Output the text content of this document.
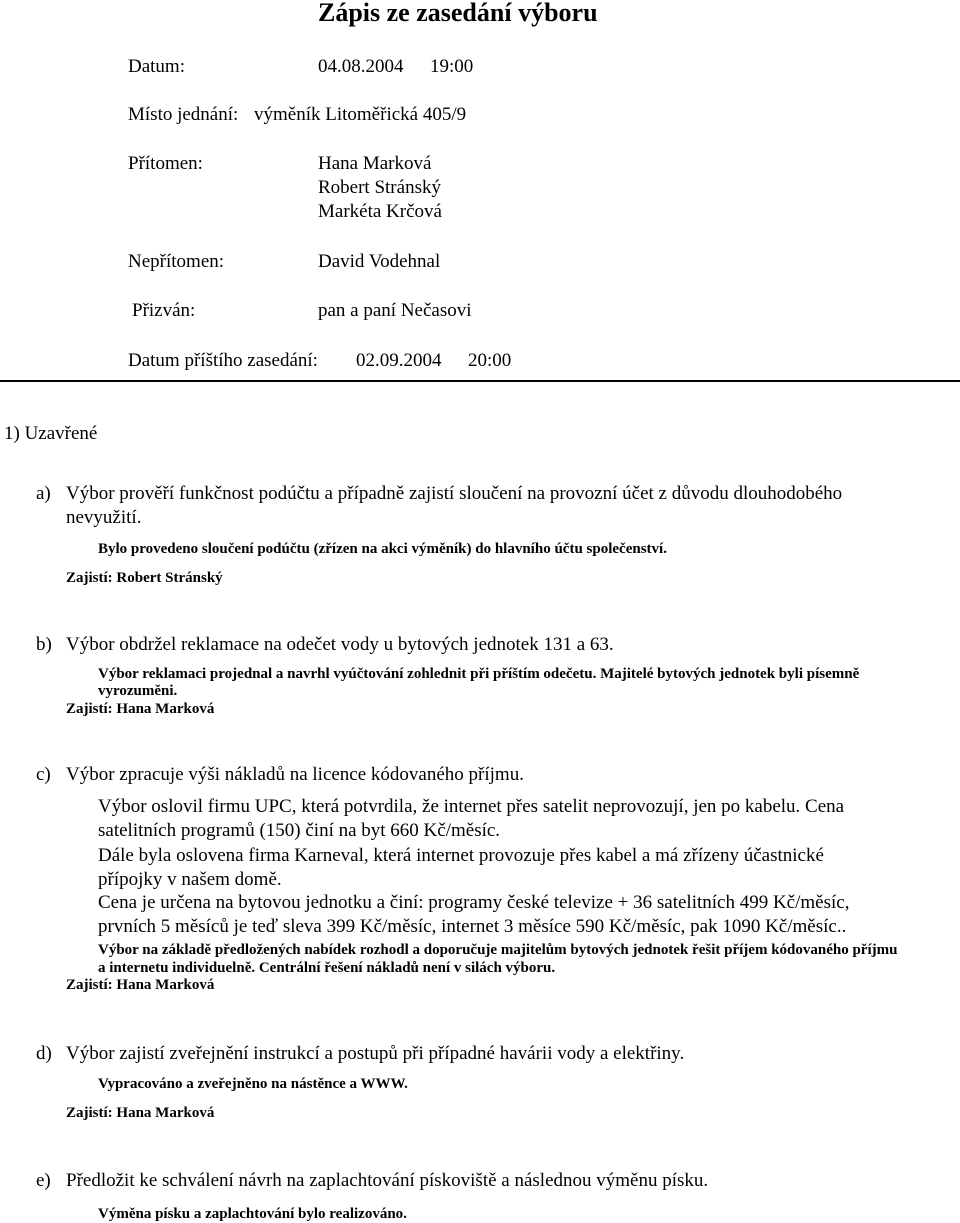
Zápis ze zasedání výboru
Datum:	04.08.2004 19:00
Místo jednání: výměník Litoměřická 405/9
Přítomen:	Hana Marková
Robert Stránský
Markéta Krčová
Nepřítomen:	David Vodehnal
Přizván:	pan a paní Nečasovi
Datum příštího zasedání: 02.09.2004 20:00
1) Uzavřené
a) Výbor prověří funkčnost podúčtu a případně zajistí sloučení na provozní účet z důvodu dlouhodobého
nevyužití.
Bylo provedeno sloučení podúčtu (zřízen na akci výměník) do hlavního účtu společenství.
Zajistí: Robert Stránský
b) Výbor obdržel reklamace na odečet vody u bytových jednotek 131 a 63.
Výbor reklamaci projednal a navrhl vyúčtování zohlednit při příštím odečetu. Majitelé bytových jednotek byli písemně
vyrozuměni.
Zajistí: Hana Marková
c) Výbor zpracuje výši nákladů na licence kódovaného příjmu.
Výbor oslovil firmu UPC, která potvrdila, že internet přes satelit neprovozují, jen po kabelu. Cena
satelitních programů (150) činí na byt 660 Kč/měsíc.
Dále byla oslovena firma Karneval, která internet provozuje přes kabel a má zřízeny účastnické
přípojky v našem domě.
Cena je určena na bytovou jednotku a činí: programy české televize + 36 satelitních 499 Kč/měsíc,
prvních 5 měsíců je teď sleva 399 Kč/měsíc, internet 3 měsíce 590 Kč/měsíc, pak 1090 Kč/měsíc..
Výbor na základě předložených nabídek rozhodl a doporučuje majitelům bytových jednotek řešit příjem kódovaného příjmu
a internetu individuelně. Centrální řešení nákladů není v silách výboru.
Zajistí: Hana Marková
d) Výbor zajistí zveřejnění instrukcí a postupů při případné havárii vody a elektřiny.
Vypracováno a zveřejněno na nástěnce a WWW.
Zajistí: Hana Marková
e) Předložit ke schválení návrh na zaplachtování pískoviště a následnou výměnu písku.
Výměna písku a zaplachtování bylo realizováno.
